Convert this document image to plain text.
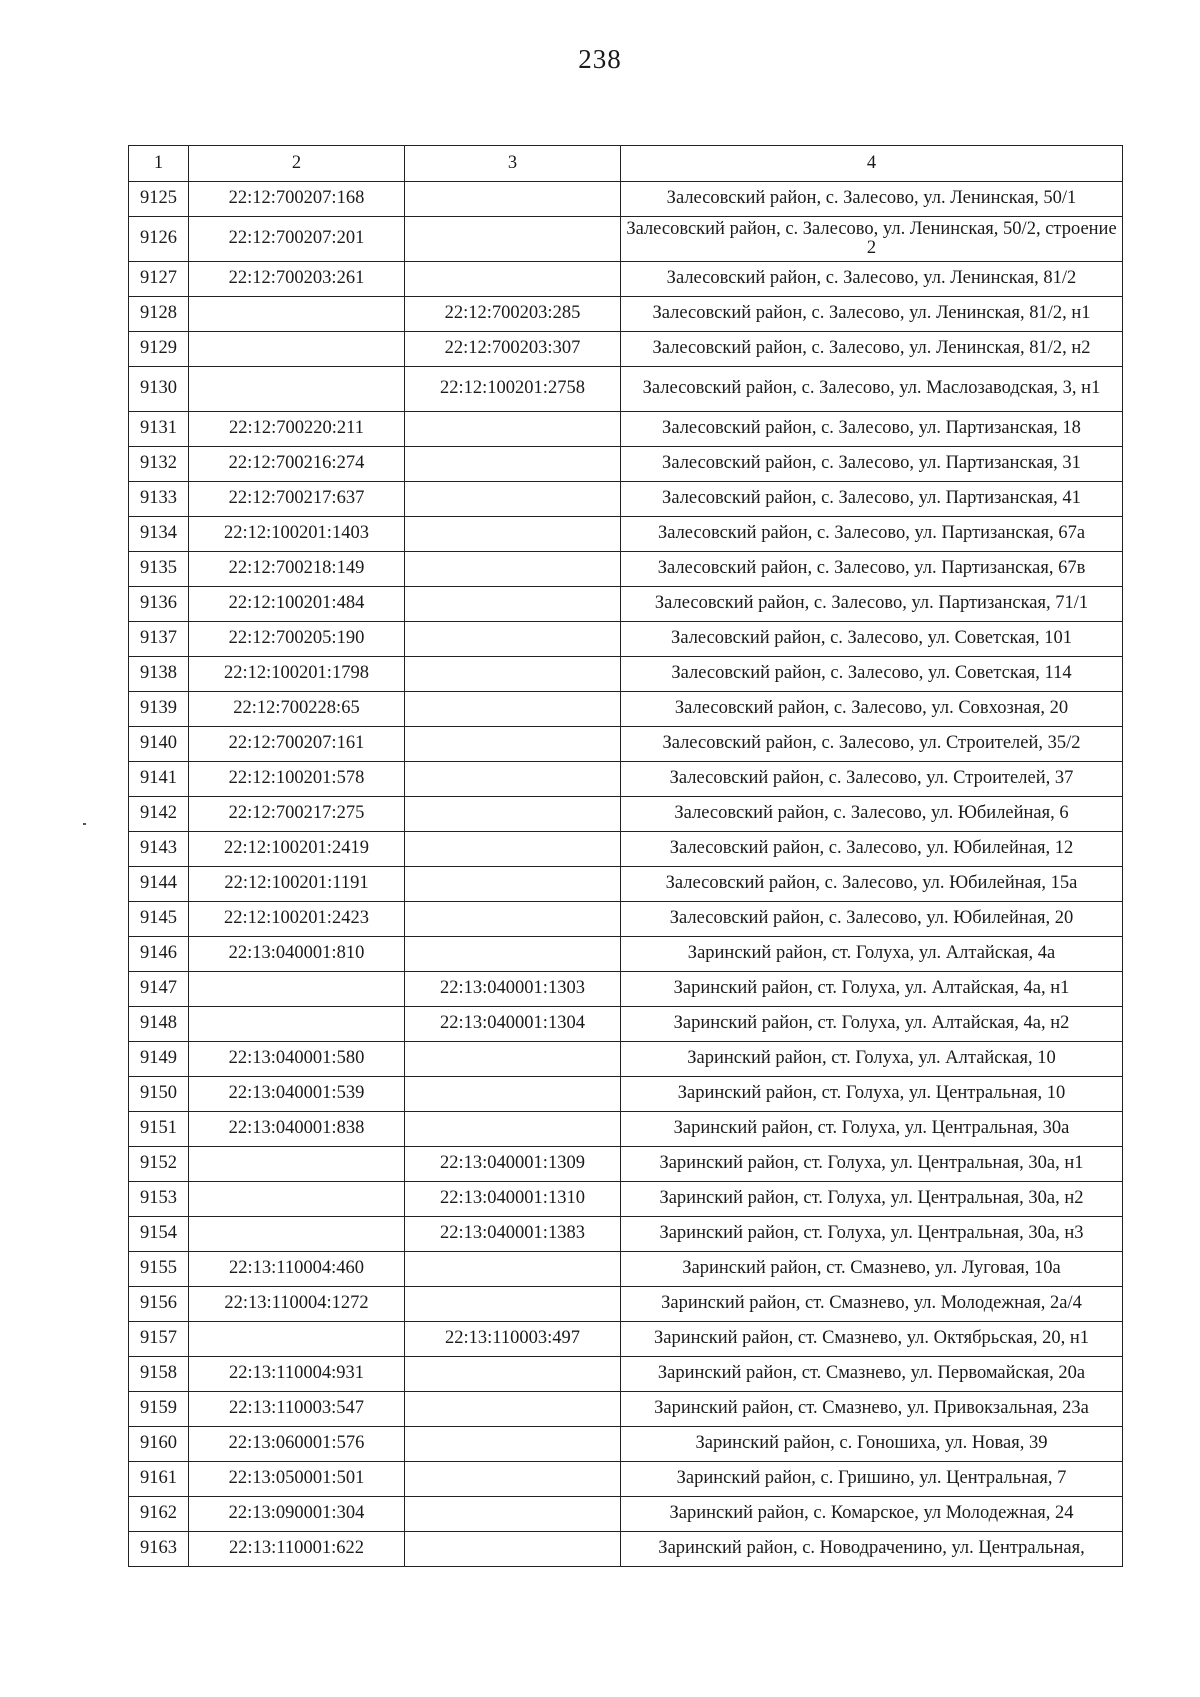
238
1	2	3	4
9125	22:12:700207:168		Залесовский район, с. Залесово, ул. Ленинская, 50/1
9126	22:12:700207:201		Залесовский район, с. Залесово, ул. Ленинская, 50/2, строение 2
9127	22:12:700203:261		Залесовский район, с. Залесово, ул. Ленинская, 81/2
9128		22:12:700203:285	Залесовский район, с. Залесово, ул. Ленинская, 81/2, н1
9129		22:12:700203:307	Залесовский район, с. Залесово, ул. Ленинская, 81/2, н2
9130		22:12:100201:2758	Залесовский район, с. Залесово, ул. Маслозаводская, 3, н1
9131	22:12:700220:211		Залесовский район, с. Залесово, ул. Партизанская, 18
9132	22:12:700216:274		Залесовский район, с. Залесово, ул. Партизанская, 31
9133	22:12:700217:637		Залесовский район, с. Залесово, ул. Партизанская, 41
9134	22:12:100201:1403		Залесовский район, с. Залесово, ул. Партизанская, 67а
9135	22:12:700218:149		Залесовский район, с. Залесово, ул. Партизанская, 67в
9136	22:12:100201:484		Залесовский район, с. Залесово, ул. Партизанская, 71/1
9137	22:12:700205:190		Залесовский район, с. Залесово, ул. Советская, 101
9138	22:12:100201:1798		Залесовский район, с. Залесово, ул. Советская, 114
9139	22:12:700228:65		Залесовский район, с. Залесово, ул. Совхозная, 20
9140	22:12:700207:161		Залесовский район, с. Залесово, ул. Строителей, 35/2
9141	22:12:100201:578		Залесовский район, с. Залесово, ул. Строителей, 37
9142	22:12:700217:275		Залесовский район, с. Залесово, ул. Юбилейная, 6
9143	22:12:100201:2419		Залесовский район, с. Залесово, ул. Юбилейная, 12
9144	22:12:100201:1191		Залесовский район, с. Залесово, ул. Юбилейная, 15а
9145	22:12:100201:2423		Залесовский район, с. Залесово, ул. Юбилейная, 20
9146	22:13:040001:810		Заринский район, ст. Голуха, ул. Алтайская, 4а
9147		22:13:040001:1303	Заринский район, ст. Голуха, ул. Алтайская, 4а, н1
9148		22:13:040001:1304	Заринский район, ст. Голуха, ул. Алтайская, 4а, н2
9149	22:13:040001:580		Заринский район, ст. Голуха, ул. Алтайская, 10
9150	22:13:040001:539		Заринский район, ст. Голуха, ул. Центральная, 10
9151	22:13:040001:838		Заринский район, ст. Голуха, ул. Центральная, 30а
9152		22:13:040001:1309	Заринский район, ст. Голуха, ул. Центральная, 30а, н1
9153		22:13:040001:1310	Заринский район, ст. Голуха, ул. Центральная, 30а, н2
9154		22:13:040001:1383	Заринский район, ст. Голуха, ул. Центральная, 30а, н3
9155	22:13:110004:460		Заринский район, ст. Смазнево, ул. Луговая, 10а
9156	22:13:110004:1272		Заринский район, ст. Смазнево, ул. Молодежная, 2а/4
9157		22:13:110003:497	Заринский район, ст. Смазнево, ул. Октябрьская, 20, н1
9158	22:13:110004:931		Заринский район, ст. Смазнево, ул. Первомайская, 20а
9159	22:13:110003:547		Заринский район, ст. Смазнево, ул. Привокзальная, 23а
9160	22:13:060001:576		Заринский район, с. Гоношиха, ул. Новая, 39
9161	22:13:050001:501		Заринский район, с. Гришино, ул. Центральная, 7
9162	22:13:090001:304		Заринский район, с. Комарское, ул Молодежная, 24
9163	22:13:110001:622		Заринский район, с. Новодраченино, ул. Центральная,
